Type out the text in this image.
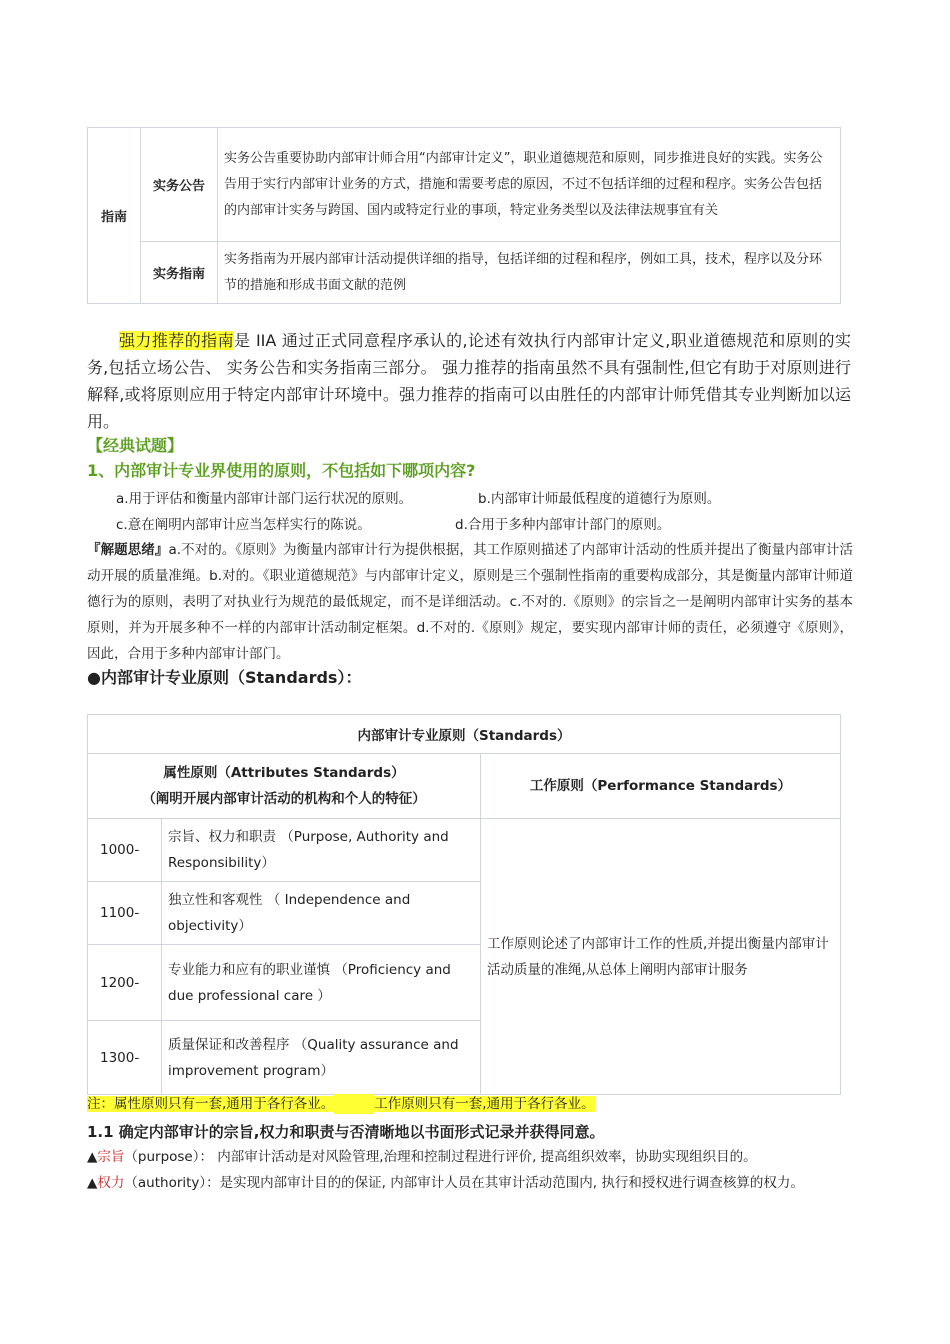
指南	实务公告	实务公告重要协助内部审计师合用“内部审计定义”，职业道德规范和原则，同步推进良好的实践。实务公告用于实行内部审计业务的方式，措施和需要考虑的原因，不过不包括详细的过程和程序。实务公告包括的内部审计实务与跨国、国内或特定行业的事项，特定业务类型以及法律法规事宜有关
	实务指南	实务指南为开展内部审计活动提供详细的指导，包括详细的过程和程序，例如工具，技术，程序以及分环节的措施和形成书面文献的范例

强力推荐的指南是 IIA 通过正式同意程序承认的,论述有效执行内部审计定义,职业道德规范和原则的实务,包括立场公告、 实务公告和实务指南三部分。 强力推荐的指南虽然不具有强制性,但它有助于对原则进行解释,或将原则应用于特定内部审计环境中。强力推荐的指南可以由胜任的内部审计师凭借其专业判断加以运用。

【经典试题】

1、内部审计专业界使用的原则，不包括如下哪项内容?

a.用于评估和衡量内部审计部门运行状况的原则。	b.内部审计师最低程度的道德行为原则。

c.意在阐明内部审计应当怎样实行的陈说。	d.合用于多种内部审计部门的原则。

『解题思绪』a.不对的。《原则》为衡量内部审计行为提供根据，其工作原则描述了内部审计活动的性质并提出了衡量内部审计活动开展的质量准绳。b.对的。《职业道德规范》与内部审计定义，原则是三个强制性指南的重要构成部分，其是衡量内部审计师道德行为的原则，表明了对执业行为规范的最低规定，而不是详细活动。c.不对的.《原则》的宗旨之一是阐明内部审计实务的基本原则，并为开展多种不一样的内部审计活动制定框架。d.不对的.《原则》规定，要实现内部审计师的责任，必须遵守《原则》，因此，合用于多种内部审计部门。

●内部审计专业原则（Standards）：

内部审计专业原则（Standards）		

属性原则（Attributes Standards）
（阐明开展内部审计活动的机构和个人的特征）		工作原则（Performance Standards）
1000-	宗旨、权力和职责 （Purpose, Authority and Responsibility）	工作原则论述了内部审计工作的性质,并提出衡量内部审计活动质量的准绳,从总体上阐明内部审计服务
1100-	独立性和客观性 （ Independence and objectivity）	
1200-	专业能力和应有的职业谨慎 （Proficiency and due professional care ）	
1300-	质量保证和改善程序 （Quality assurance and improvement program）	

注：属性原则只有一套,通用于各行各业。	工作原则只有一套,通用于各行各业。

1.1 确定内部审计的宗旨,权力和职责与否清晰地以书面形式记录并获得同意。

▲宗旨（purpose）： 内部审计活动是对风险管理,治理和控制过程进行评价, 提高组织效率，协助实现组织目的。

▲权力（authority）：是实现内部审计目的的保证, 内部审计人员在其审计活动范围内, 执行和授权进行调查核算的权力。
